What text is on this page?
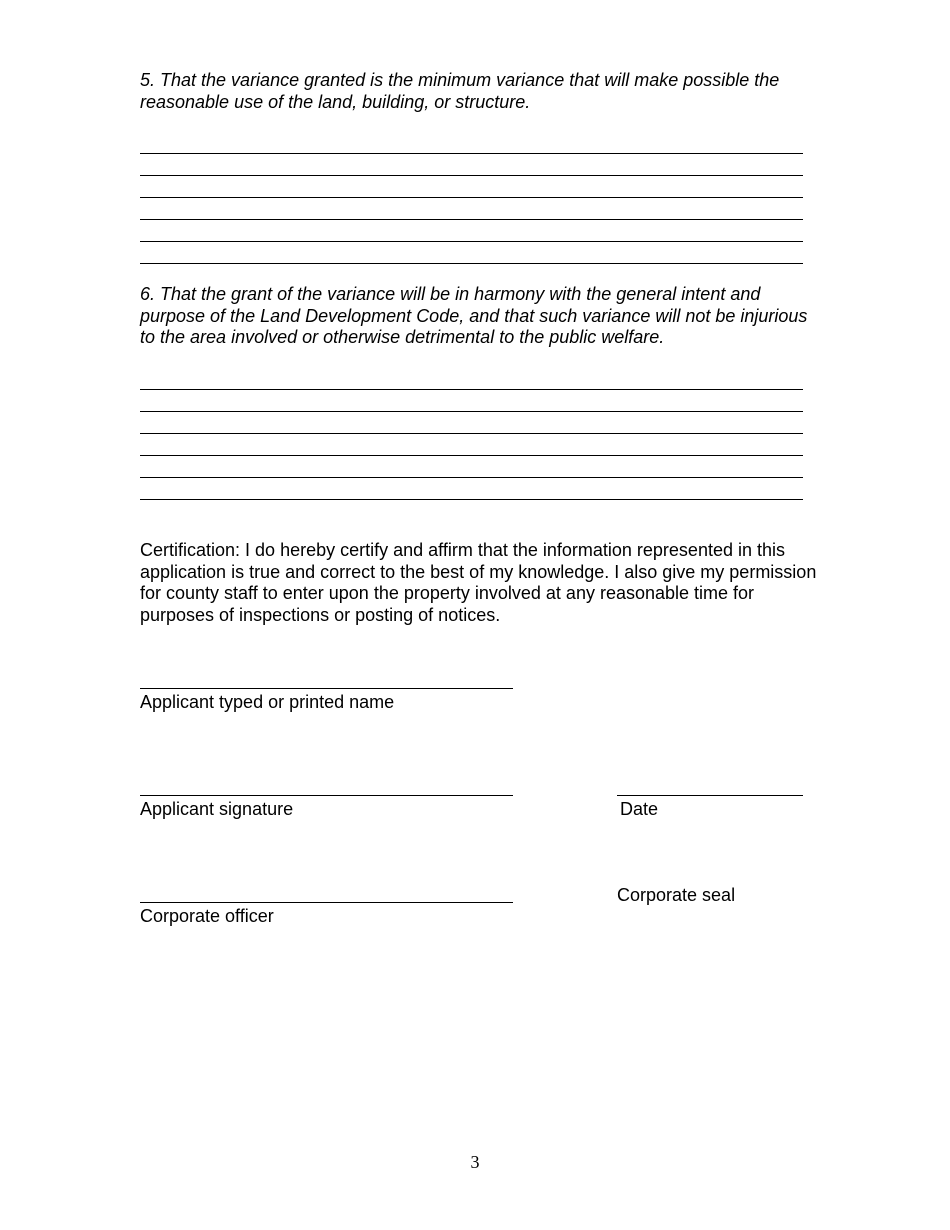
5. That the variance granted is the minimum variance that will make possible the reasonable use of the land, building, or structure.

6. That the grant of the variance will be in harmony with the general intent and purpose of the Land Development Code, and that such variance will not be injurious to the area involved or otherwise detrimental to the public welfare.

Certification: I do hereby certify and affirm that the information represented in this application is true and correct to the best of my knowledge. I also give my permission for county staff to enter upon the property involved at any reasonable time for purposes of inspections or posting of notices.

Applicant typed or printed name
Applicant signature	Date
Corporate officer
Corporate seal
3
